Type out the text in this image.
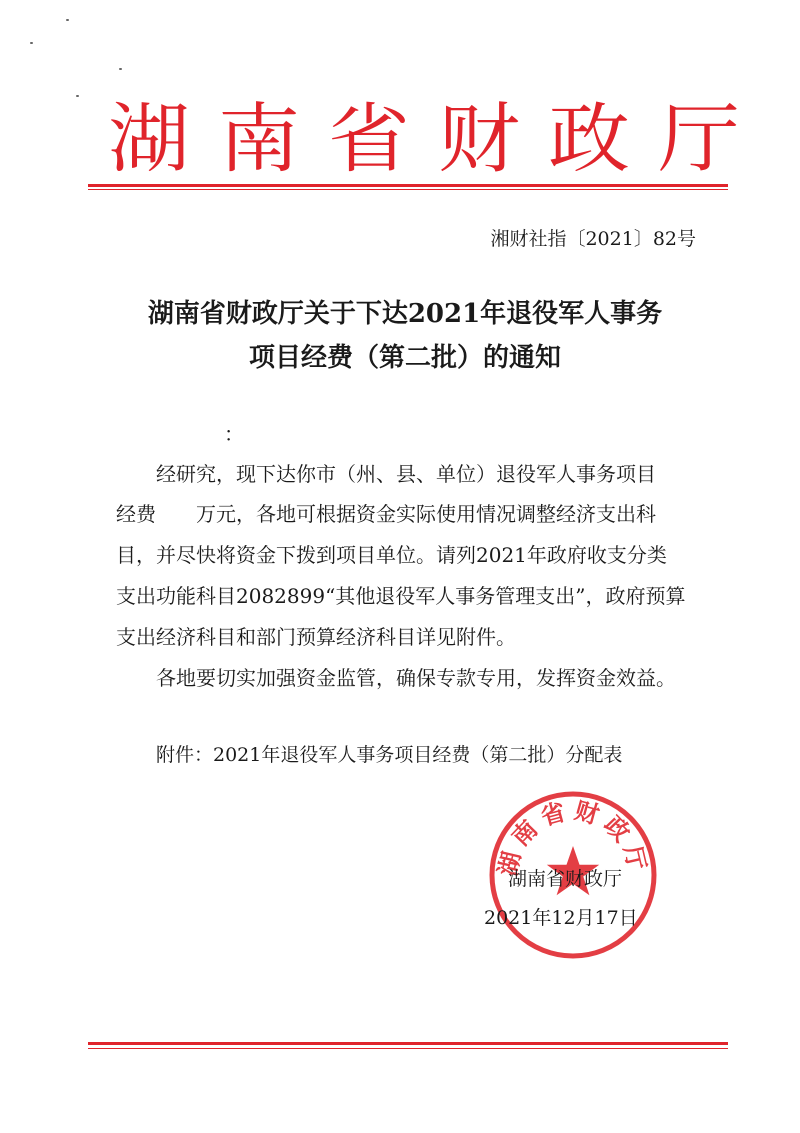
湖南省财政厅
湘财社指〔2021〕82号
湖南省财政厅关于下达2021年退役军人事务
项目经费（第二批）的通知
：
经研究，现下达你市（州、县、单位）退役军人事务项目
经费　　万元，各地可根据资金实际使用情况调整经济支出科
目，并尽快将资金下拨到项目单位。请列2021年政府收支分类
支出功能科目2082899“其他退役军人事务管理支出”，政府预算
支出经济科目和部门预算经济科目详见附件。
各地要切实加强资金监管，确保专款专用，发挥资金效益。
附件：2021年退役军人事务项目经费（第二批）分配表
湖南省财政厅
湖南省财政厅
2021年12月17日
